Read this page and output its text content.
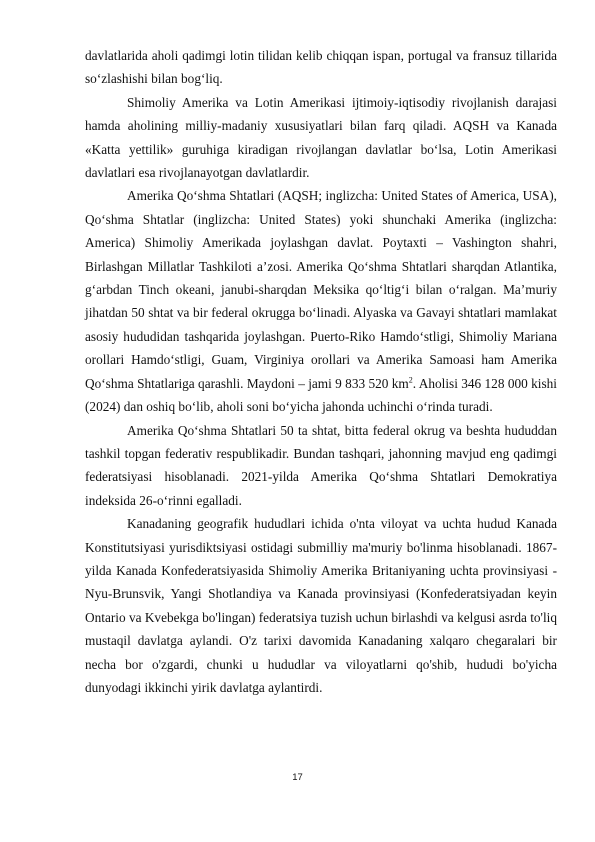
davlatlarida aholi qadimgi lotin tilidan kelib chiqqan ispan, portugal va fransuz tillarida so‘zlashishi bilan bog‘liq.

Shimoliy Amerika va Lotin Amerikasi ijtimoiy-iqtisodiy rivojlanish darajasi hamda aholining milliy-madaniy xususiyatlari bilan farq qiladi. AQSH va Kanada «Katta yettilik» guruhiga kiradigan rivojlangan davlatlar bo‘lsa, Lotin Amerikasi davlatlari esa rivojlanayotgan davlatlardir.

Amerika Qo‘shma Shtatlari (AQSH; inglizcha: United States of America, USA), Qo‘shma Shtatlar (inglizcha: United States) yoki shunchaki Amerika (inglizcha: America) Shimoliy Amerikada joylashgan davlat. Poytaxti – Vashington shahri, Birlashgan Millatlar Tashkiloti a’zosi. Amerika Qo‘shma Shtatlari sharqdan Atlantika, g‘arbdan Tinch okeani, janubi-sharqdan Meksika qo‘ltig‘i bilan o‘ralgan. Ma’muriy jihatdan 50 shtat va bir federal okrugga bo‘linadi. Alyaska va Gavayi shtatlari mamlakat asosiy hududidan tashqarida joylashgan. Puerto-Riko Hamdo‘stligi, Shimoliy Mariana orollari Hamdo‘stligi, Guam, Virginiya orollari va Amerika Samoasi ham Amerika Qo‘shma Shtatlariga qarashli. Maydoni – jami 9 833 520 $km^2$. Aholisi 346 128 000 kishi (2024) dan oshiq bo‘lib, aholi soni bo‘yicha jahonda uchinchi o‘rinda turadi.

Amerika Qo‘shma Shtatlari 50 ta shtat, bitta federal okrug va beshta hududdan tashkil topgan federativ respublikadir. Bundan tashqari, jahonning mavjud eng qadimgi federatsiyasi hisoblanadi. 2021-yilda Amerika Qo‘shma Shtatlari Demokratiya indeksida 26-o‘rinni egalladi.

Kanadaning geografik hududlari ichida o'nta viloyat va uchta hudud Kanada Konstitutsiyasi yurisdiktsiyasi ostidagi submilliy ma'muriy bo'linma hisoblanadi. 1867-yilda Kanada Konfederatsiyasida Shimoliy Amerika Britaniyaning uchta provinsiyasi - Nyu-Brunsvik, Yangi Shotlandiya va Kanada provinsiyasi (Konfederatsiyadan keyin Ontario va Kvebekga bo'lingan) federatsiya tuzish uchun birlashdi va kelgusi asrda to'liq mustaqil davlatga aylandi. O'z tarixi davomida Kanadaning xalqaro chegaralari bir necha bor o'zgardi, chunki u hududlar va viloyatlarni qo'shib, hududi bo'yicha dunyodagi ikkinchi yirik davlatga aylantirdi.

17
